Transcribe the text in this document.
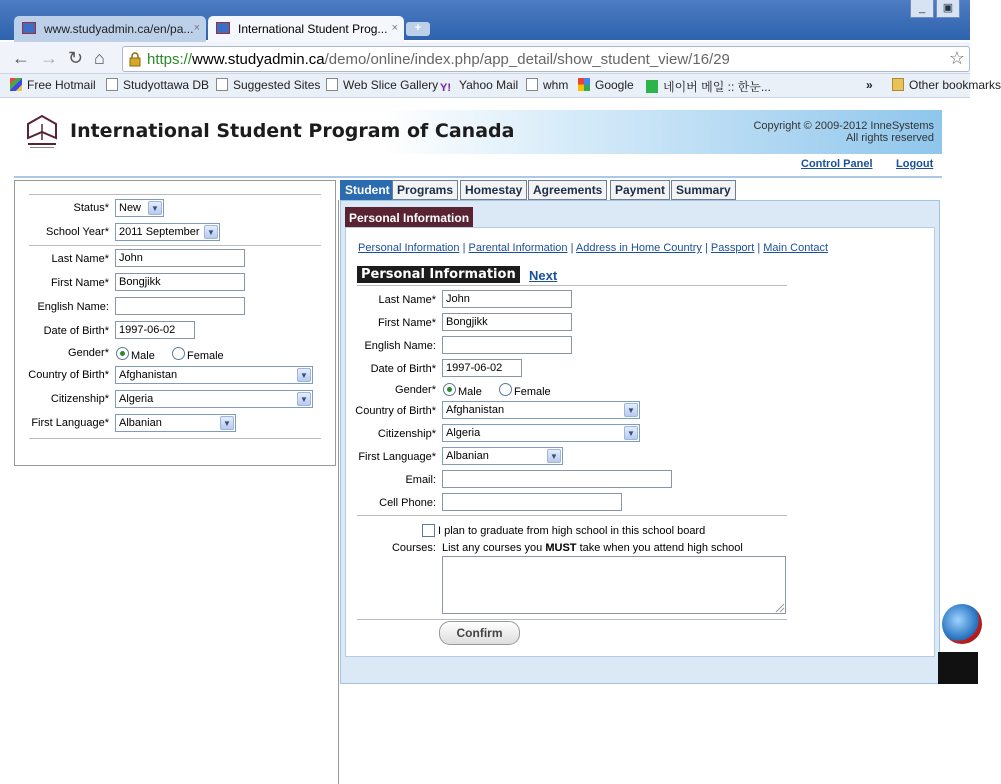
www.studyadmin.ca/en/pa... ×	International Student Prog... ×	+
_	▣
← → ↻ ⌂	https://www.studyadmin.ca/demo/online/index.php/app_detail/show_student_view/16/29	☆
Free Hotmail	Studyottawa DB	Suggested Sites	Web Slice Gallery Y! Yahoo Mail	whm	Google	네이버 메일 :: 한눈...	»	Other bookmarks
International Student Program of Canada	Copyright © 2009-2012 InneSystems
All rights reserved
Control Panel Logout
Status* New	▼
School Year* 2011 September ▼
Last Name* John
First Name* Bongjikk
English Name:
Date of Birth* 1997-06-02
Gender* Male	Female
Country of Birth* Afghanistan	▼
Citizenship* Algeria	▼
First Language* Albanian	▼
Student Programs Homestay Agreements	Payment Summary
Personal Information
Personal Information | Parental Information | Address in Home Country | Passport | Main Contact
Personal Information	Next
Last Name* John
First Name* Bongjikk
English Name:
Date of Birth* 1997-06-02
Gender* Male	Female
Country of Birth* Afghanistan	▼
Citizenship* Algeria	▼
First Language* Albanian	▼
Email:
Cell Phone:
I plan to graduate from high school in this school board
Courses: List any courses you MUST take when you attend high school
Confirm
